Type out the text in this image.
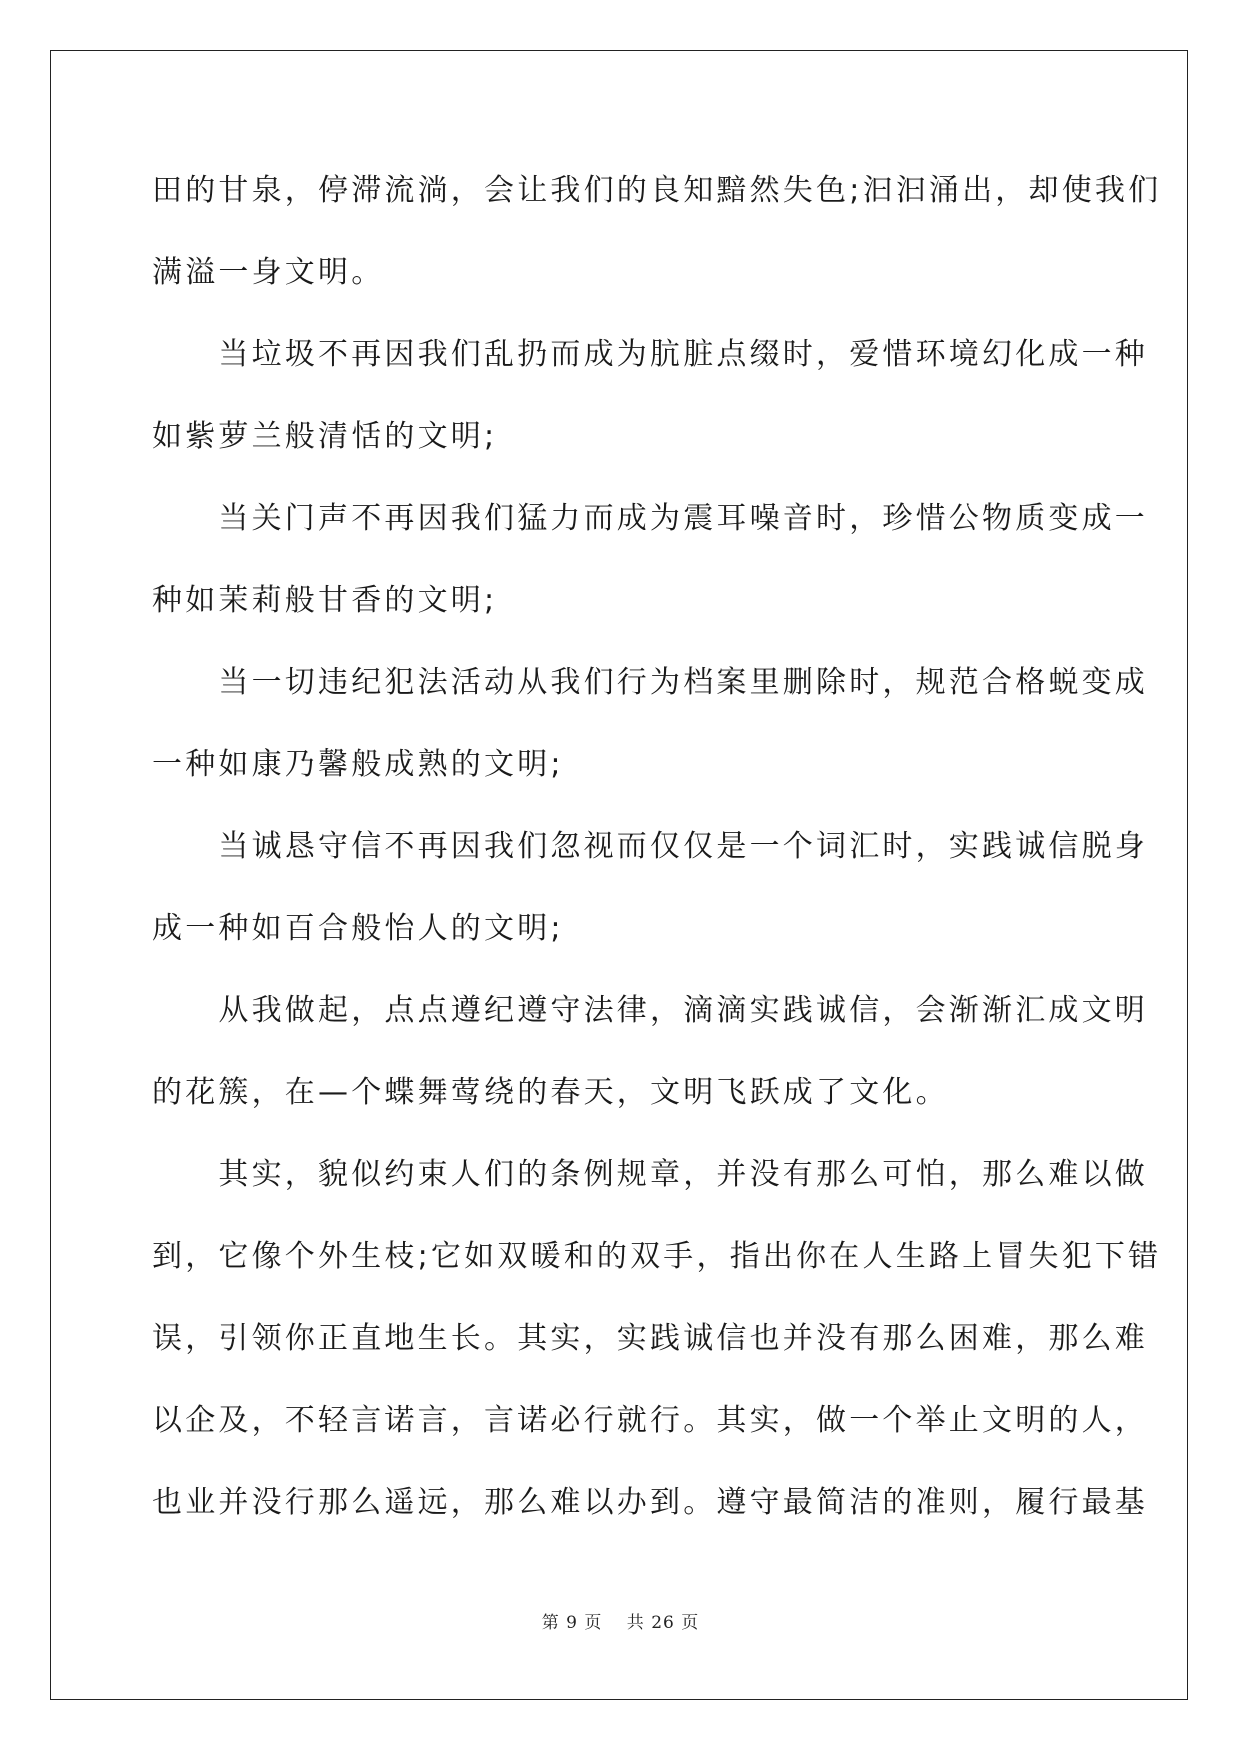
田的甘泉，停滞流淌，会让我们的良知黯然失色;汩汩涌出，却使我们
满溢一身文明。
　　当垃圾不再因我们乱扔而成为肮脏点缀时，爱惜环境幻化成一种
如紫萝兰般清恬的文明;
　　当关门声不再因我们猛力而成为震耳噪音时，珍惜公物质变成一
种如茉莉般甘香的文明;
　　当一切违纪犯法活动从我们行为档案里删除时，规范合格蜕变成
一种如康乃馨般成熟的文明;
　　当诚恳守信不再因我们忽视而仅仅是一个词汇时，实践诚信脱身
成一种如百合般怡人的文明;
　　从我做起，点点遵纪遵守法律，滴滴实践诚信，会渐渐汇成文明
的花簇，在—个蝶舞莺绕的春天，文明飞跃成了文化。
　　其实，貌似约束人们的条例规章，并没有那么可怕，那么难以做
到，它像个外生枝;它如双暖和的双手，指出你在人生路上冒失犯下错
误，引领你正直地生长。其实，实践诚信也并没有那么困难，那么难
以企及，不轻言诺言，言诺必行就行。其实，做一个举止文明的人，
也业并没行那么遥远，那么难以办到。遵守最简洁的准则，履行最基
第 9 页　 共 26 页
